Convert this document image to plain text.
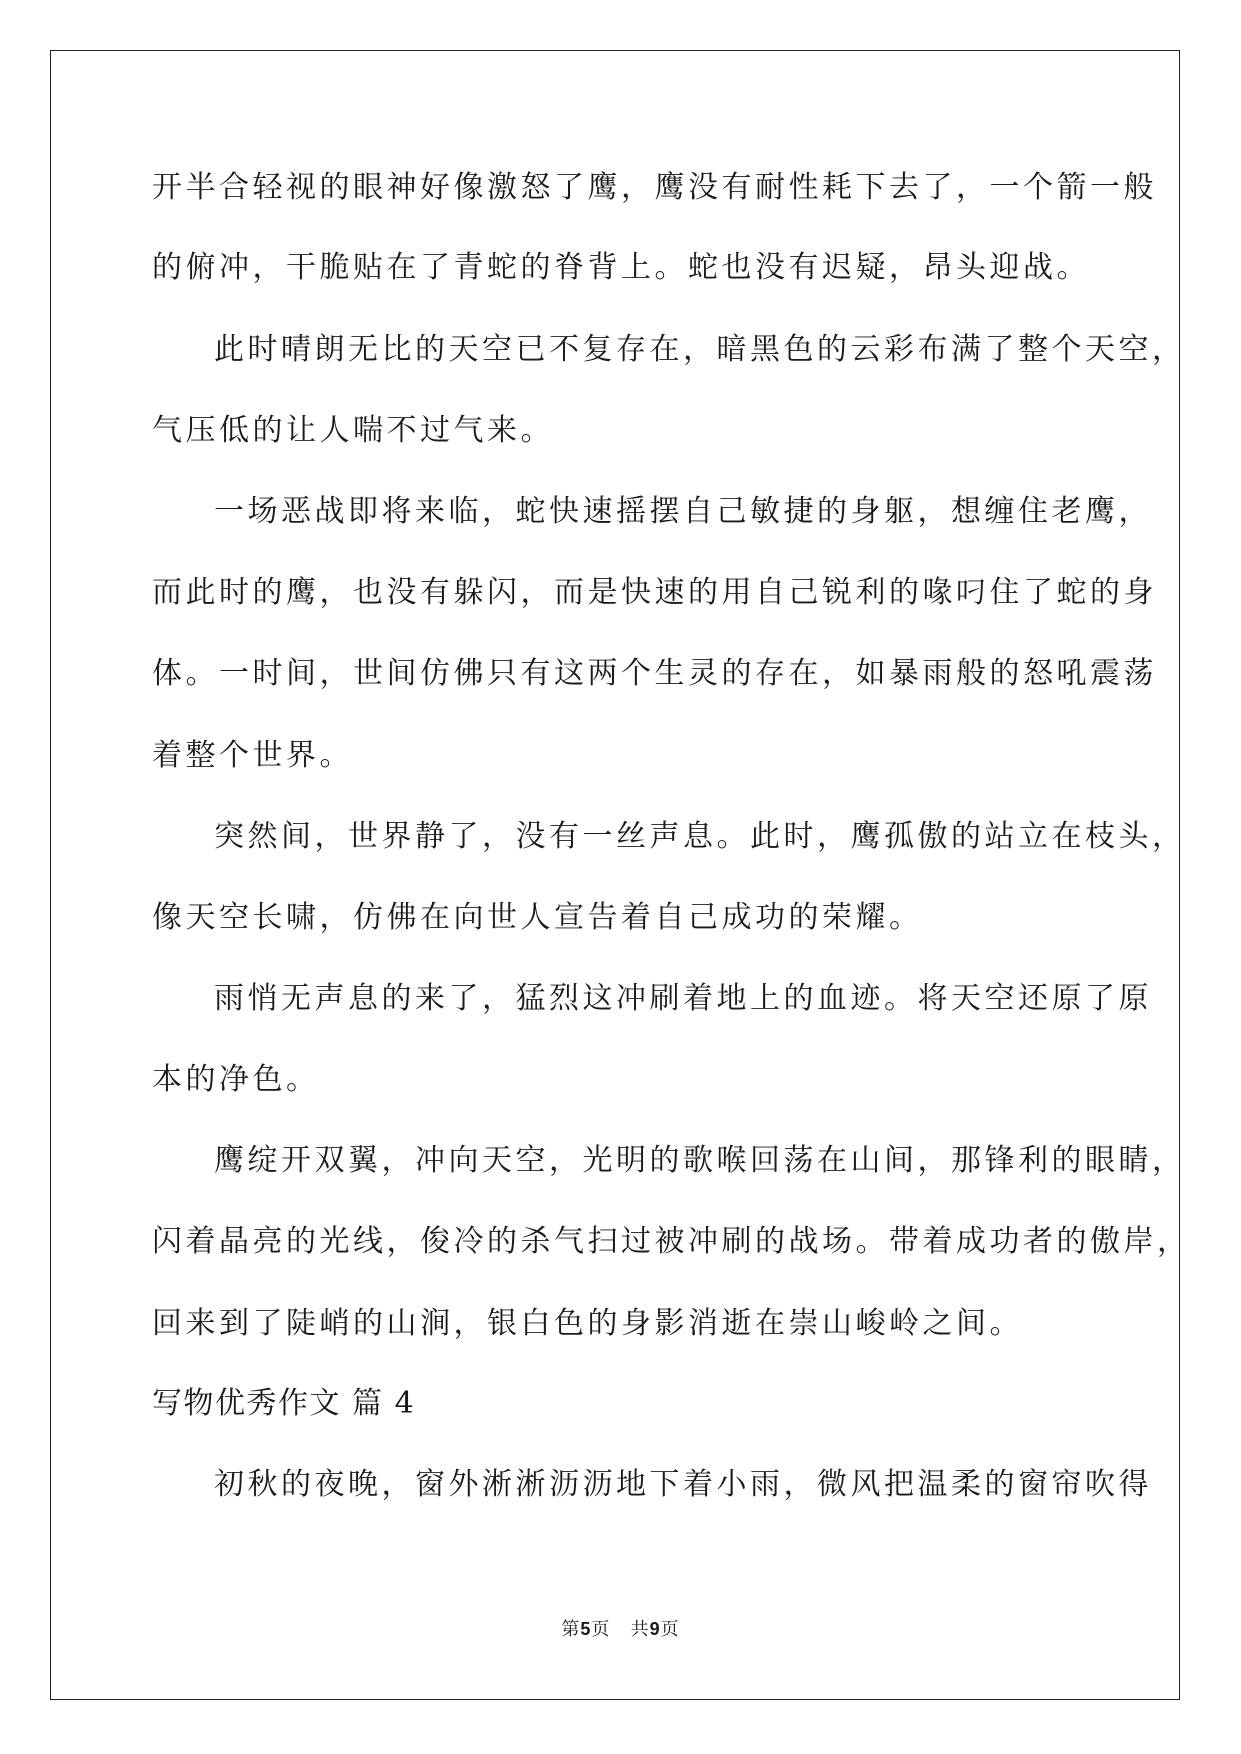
开半合轻视的眼神好像激怒了鹰，鹰没有耐性耗下去了，一个箭一般
的俯冲，干脆贴在了青蛇的脊背上。蛇也没有迟疑，昂头迎战。
此时晴朗无比的天空已不复存在，暗黑色的云彩布满了整个天空，
气压低的让人喘不过气来。
一场恶战即将来临，蛇快速摇摆自己敏捷的身躯，想缠住老鹰，
而此时的鹰，也没有躲闪，而是快速的用自己锐利的喙叼住了蛇的身
体。一时间，世间仿佛只有这两个生灵的存在，如暴雨般的怒吼震荡
着整个世界。
突然间，世界静了，没有一丝声息。此时，鹰孤傲的站立在枝头，
像天空长啸，仿佛在向世人宣告着自己成功的荣耀。
雨悄无声息的来了，猛烈这冲刷着地上的血迹。将天空还原了原
本的净色。
鹰绽开双翼，冲向天空，光明的歌喉回荡在山间，那锋利的眼睛，
闪着晶亮的光线，俊冷的杀气扫过被冲刷的战场。带着成功者的傲岸，
回来到了陡峭的山涧，银白色的身影消逝在崇山峻岭之间。
写物优秀作文 篇 4
初秋的夜晚，窗外淅淅沥沥地下着小雨，微风把温柔的窗帘吹得
第5页   共9页
